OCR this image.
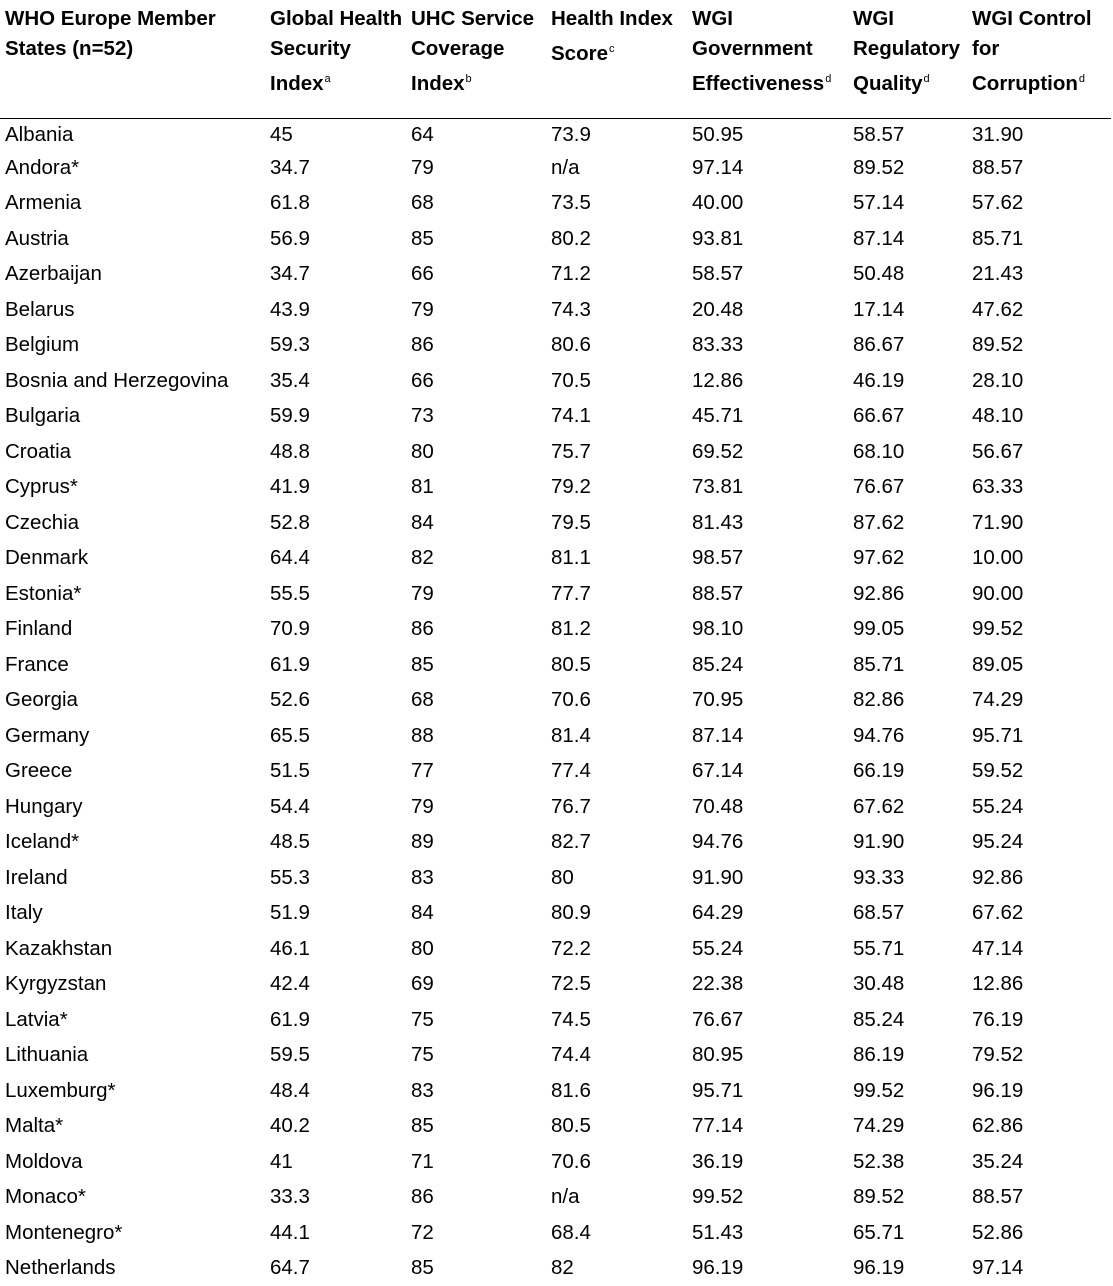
WHO Europe Member States (n=52)	Global Health Security Index$^a$	UHC Service Coverage Index$^b$	Health Index Score$^c$	WGI Government Effectiveness$^d$	WGI Regulatory Quality$^d$	WGI Control for Corruption$^d$
Albania	45	64	73.9	50.95	58.57	31.90
Andora*	34.7	79	n/a	97.14	89.52	88.57
Armenia	61.8	68	73.5	40.00	57.14	57.62
Austria	56.9	85	80.2	93.81	87.14	85.71
Azerbaijan	34.7	66	71.2	58.57	50.48	21.43
Belarus	43.9	79	74.3	20.48	17.14	47.62
Belgium	59.3	86	80.6	83.33	86.67	89.52
Bosnia and Herzegovina	35.4	66	70.5	12.86	46.19	28.10
Bulgaria	59.9	73	74.1	45.71	66.67	48.10
Croatia	48.8	80	75.7	69.52	68.10	56.67
Cyprus*	41.9	81	79.2	73.81	76.67	63.33
Czechia	52.8	84	79.5	81.43	87.62	71.90
Denmark	64.4	82	81.1	98.57	97.62	10.00
Estonia*	55.5	79	77.7	88.57	92.86	90.00
Finland	70.9	86	81.2	98.10	99.05	99.52
France	61.9	85	80.5	85.24	85.71	89.05
Georgia	52.6	68	70.6	70.95	82.86	74.29
Germany	65.5	88	81.4	87.14	94.76	95.71
Greece	51.5	77	77.4	67.14	66.19	59.52
Hungary	54.4	79	76.7	70.48	67.62	55.24
Iceland*	48.5	89	82.7	94.76	91.90	95.24
Ireland	55.3	83	80	91.90	93.33	92.86
Italy	51.9	84	80.9	64.29	68.57	67.62
Kazakhstan	46.1	80	72.2	55.24	55.71	47.14
Kyrgyzstan	42.4	69	72.5	22.38	30.48	12.86
Latvia*	61.9	75	74.5	76.67	85.24	76.19
Lithuania	59.5	75	74.4	80.95	86.19	79.52
Luxemburg*	48.4	83	81.6	95.71	99.52	96.19
Malta*	40.2	85	80.5	77.14	74.29	62.86
Moldova	41	71	70.6	36.19	52.38	35.24
Monaco*	33.3	86	n/a	99.52	89.52	88.57
Montenegro*	44.1	72	68.4	51.43	65.71	52.86
Netherlands	64.7	85	82	96.19	96.19	97.14
